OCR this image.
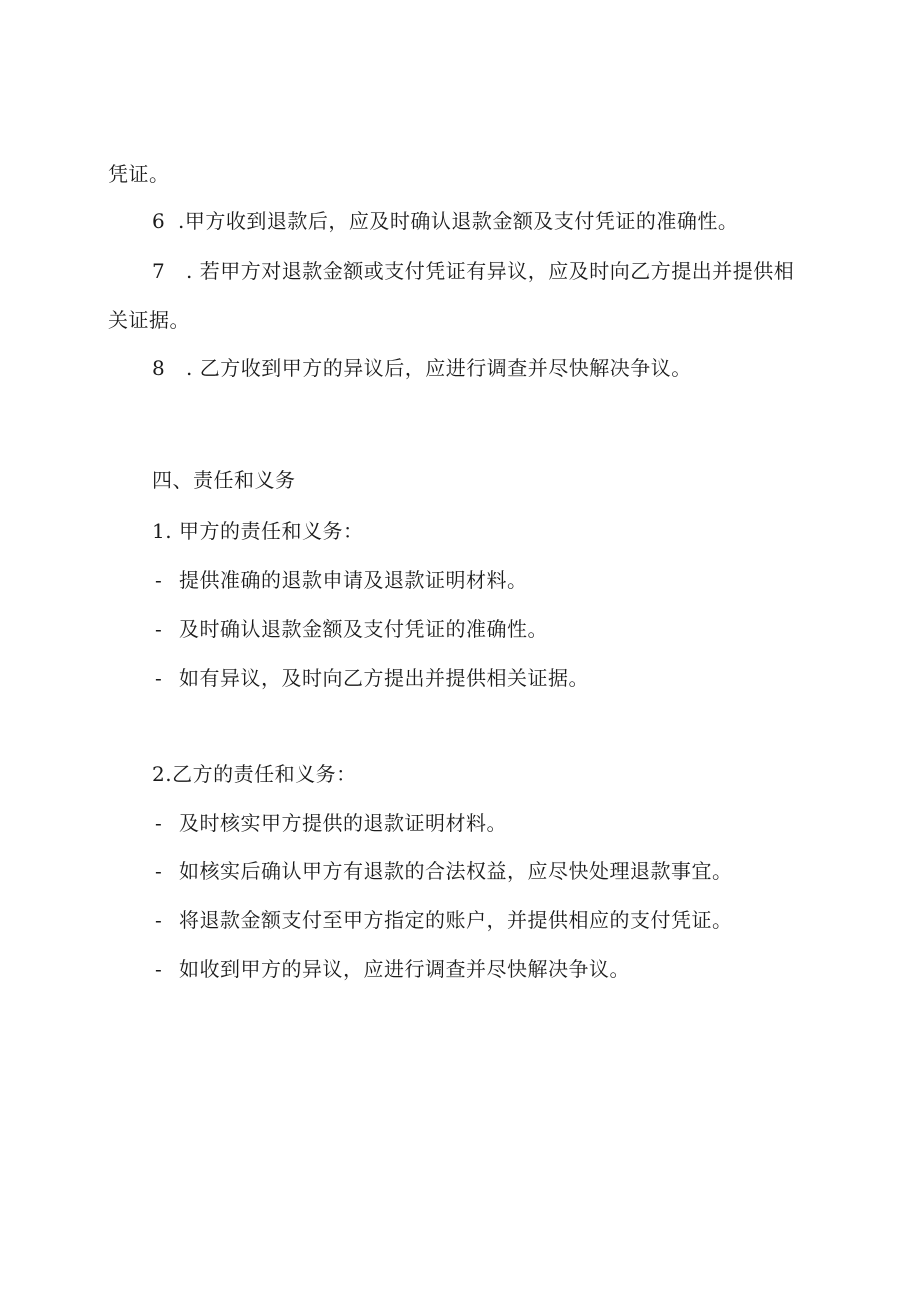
凭证。
6 .甲方收到退款后，应及时确认退款金额及支付凭证的准确性。
7 . 若甲方对退款金额或支付凭证有异议，应及时向乙方提出并提供相
关证据。
8 . 乙方收到甲方的异议后，应进行调查并尽快解决争议。
四、责任和义务
1. 甲方的责任和义务：
- 提供准确的退款申请及退款证明材料。
- 及时确认退款金额及支付凭证的准确性。
- 如有异议，及时向乙方提出并提供相关证据。
2.乙方的责任和义务：
- 及时核实甲方提供的退款证明材料。
- 如核实后确认甲方有退款的合法权益，应尽快处理退款事宜。
- 将退款金额支付至甲方指定的账户，并提供相应的支付凭证。
- 如收到甲方的异议，应进行调查并尽快解决争议。
